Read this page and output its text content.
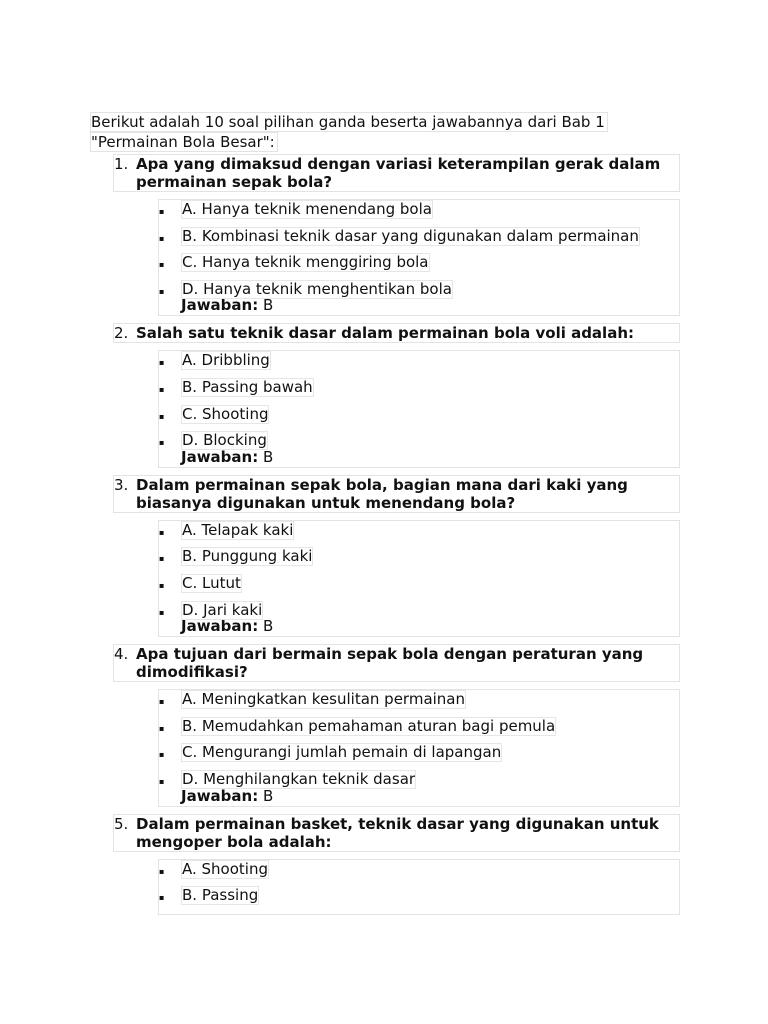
Berikut adalah 10 soal pilihan ganda beserta jawabannya dari Bab 1
"Permainan Bola Besar":
1. Apa yang dimaksud dengan variasi keterampilan gerak dalam permainan sepak bola?
▪ A. Hanya teknik menendang bola
▪ B. Kombinasi teknik dasar yang digunakan dalam permainan
▪ C. Hanya teknik menggiring bola
▪ D. Hanya teknik menghentikan bola
Jawaban: B
2. Salah satu teknik dasar dalam permainan bola voli adalah:
▪ A. Dribbling
▪ B. Passing bawah
▪ C. Shooting
▪ D. Blocking
Jawaban: B
3. Dalam permainan sepak bola, bagian mana dari kaki yang biasanya digunakan untuk menendang bola?
▪ A. Telapak kaki
▪ B. Punggung kaki
▪ C. Lutut
▪ D. Jari kaki
Jawaban: B
4. Apa tujuan dari bermain sepak bola dengan peraturan yang dimodifikasi?
▪ A. Meningkatkan kesulitan permainan
▪ B. Memudahkan pemahaman aturan bagi pemula
▪ C. Mengurangi jumlah pemain di lapangan
▪ D. Menghilangkan teknik dasar
Jawaban: B
5. Dalam permainan basket, teknik dasar yang digunakan untuk mengoper bola adalah:
▪ A. Shooting
▪ B. Passing
